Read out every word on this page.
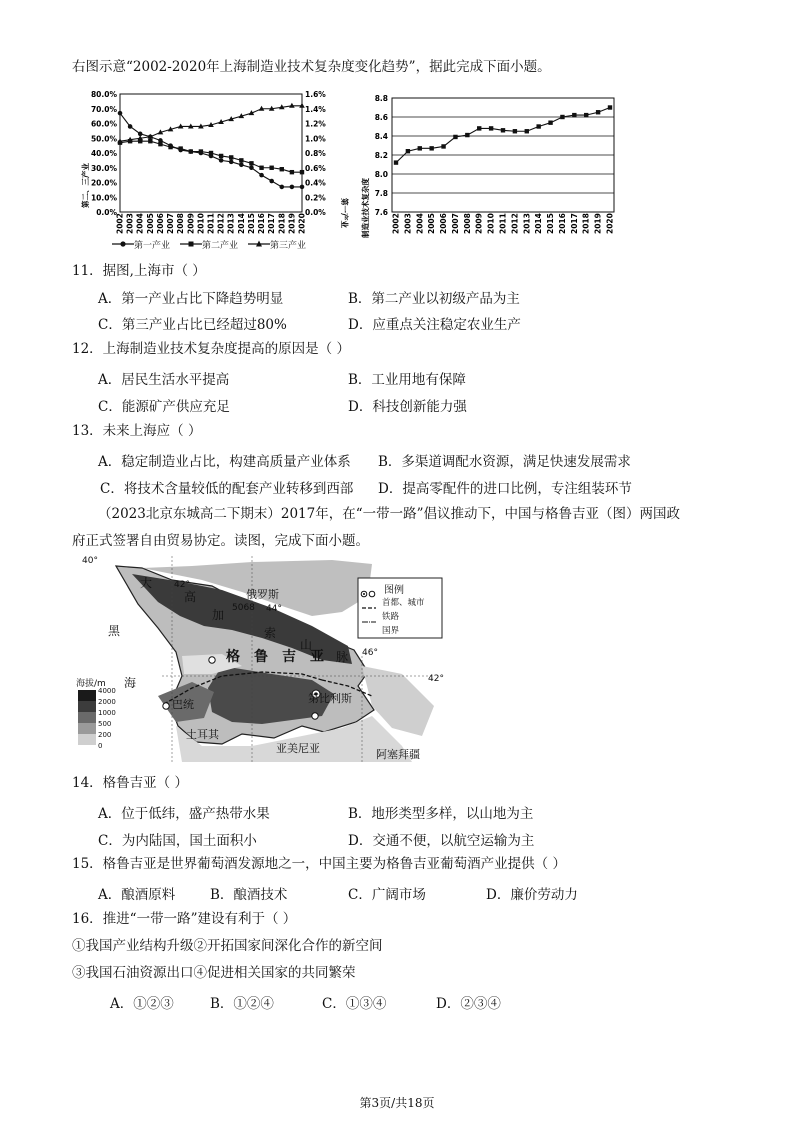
右图示意“2002-2020年上海制造业技术复杂度变化趋势”，据此完成下面小题。
80.0%
70.0%
60.0%
50.0%
40.0%
30.0%
20.0%
10.0%
0.0%
1.6%
1.4%
1.2%
1.0%
0.8%
0.6%
0.4%
0.2%
0.0%
2002 2003 2004 2005 2006 2007 2008 2009 2010 2011 2012 2013 2014 2015 2016 2017 2018 2019 2020
第二、三产业
第一产业
第一产业	第二产业	第三产业
8.8
8.6
8.4
8.2
8.0
7.8
7.6
2002 2003 2004 2005 2006 2007 2008 2009 2010 2011 2012 2013 2014 2015 2016 2017 2018 2019 2020
制造业技术复杂度
11．据图,上海市（ ）
A．第一产业占比下降趋势明显	B．第二产业以初级产品为主
C．第三产业占比已经超过80%	D．应重点关注稳定农业生产
12．上海制造业技术复杂度提高的原因是（ ）
A．居民生活水平提高	B．工业用地有保障
C．能源矿产供应充足	D．科技创新能力强
13．未来上海应（ ）
A．稳定制造业占比，构建高质量产业体系 B．多渠道调配水资源，满足快速发展需求
C．将技术含量较低的配套产业转移到西部 D．提高零配件的进口比例，专注组装环节
（2023北京东城高二下期末）2017年，在“一带一路”倡议推动下，中国与格鲁吉亚（图）两国政
府正式签署自由贸易协定。读图，完成下面小题。
40°
42°
44°
46°
42°
俄罗斯
5068
大
高
加
索
山
脉
黑
海
格　鲁　吉　亚
第比利斯
巴统
土耳其
亚美尼亚	阿塞拜疆
图例
首都、城市
铁路
国界
海拔/m
4000
2000
1000
500
200
0
14．格鲁吉亚（ ）
A．位于低纬，盛产热带水果	B．地形类型多样，以山地为主
C．为内陆国，国土面积小	D．交通不便，以航空运输为主
15．格鲁吉亚是世界葡萄酒发源地之一，中国主要为格鲁吉亚葡萄酒产业提供（ ）
A．酿酒原料	B．酿酒技术	C．广阔市场	D．廉价劳动力
16．推进“一带一路”建设有利于（ ）
①我国产业结构升级②开拓国家间深化合作的新空间
③我国石油资源出口④促进相关国家的共同繁荣
A．①②③	B．①②④	C．①③④	D．②③④
第3页/共18页
